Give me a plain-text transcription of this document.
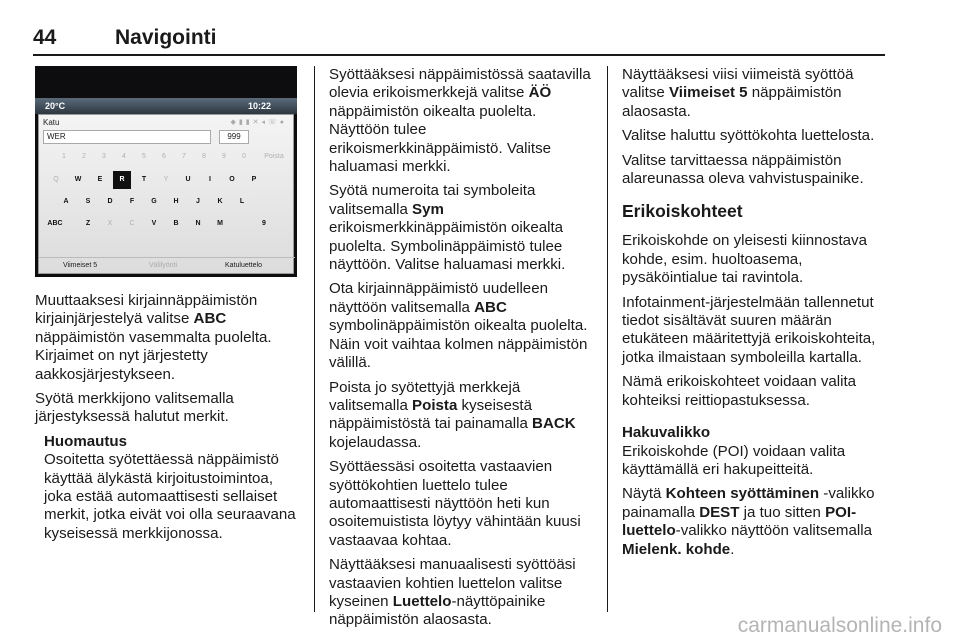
44	Navigointi
20°C	10:22
Katu	◆▮▮✕◂☏●
WER	999
1	2	3	4	5	6	7	8	9	0	Poista
Q	W	E	R	T	Y	U	I	O	P
A	S	D	F	G	H	J	K	L
ABC	Z	X	C	V	B	N	M	9
Viimeiset 5	Välilyönti	Katuluettelo

Muuttaaksesi kirjainnäppäimistön kirjainjärjestelyä valitse ABC näppäimistön vasemmalta puolelta. Kirjaimet on nyt järjestetty aakkosjärjestykseen.

Syötä merkkijono valitsemalla järjestyksessä halutut merkit.

Huomautus
Osoitetta syötettäessä näppäimistö käyttää älykästä kirjoitustoimintoa, joka estää automaattisesti sellaiset merkit, jotka eivät voi olla seuraavana kyseisessä merkkijonossa.

Syöttääksesi näppäimistössä saatavilla olevia erikoismerkkejä valitse ÄÖ näppäimistön oikealta puolelta. Näyttöön tulee erikoismerkkinäppäimistö. Valitse haluamasi merkki.

Syötä numeroita tai symboleita valitsemalla Sym erikoismerkkinäppäimistön oikealta puolelta. Symbolinäppäimistö tulee näyttöön. Valitse haluamasi merkki.

Ota kirjainnäppäimistö uudelleen näyttöön valitsemalla ABC symbolinäppäimistön oikealta puolelta. Näin voit vaihtaa kolmen näppäimistön välillä.

Poista jo syötettyjä merkkejä valitsemalla Poista kyseisestä näppäimistöstä tai painamalla BACK kojelaudassa.

Syöttäessäsi osoitetta vastaavien syöttökohtien luettelo tulee automaattisesti näyttöön heti kun osoitemuistista löytyy vähintään kuusi vastaavaa kohtaa.

Näyttääksesi manuaalisesti syöttöäsi vastaavien kohtien luettelon valitse kyseinen Luettelo-näyttöpainike näppäimistön alaosasta.

Näyttääksesi viisi viimeistä syöttöä valitse Viimeiset 5 näppäimistön alaosasta.

Valitse haluttu syöttökohta luettelosta.

Valitse tarvittaessa näppäimistön alareunassa oleva vahvistuspainike.

Erikoiskohteet

Erikoiskohde on yleisesti kiinnostava kohde, esim. huoltoasema, pysäköintialue tai ravintola.

Infotainment-järjestelmään tallennetut tiedot sisältävät suuren määrän etukäteen määritettyjä erikoiskohteita, jotka ilmaistaan symboleilla kartalla.

Nämä erikoiskohteet voidaan valita kohteiksi reittiopastuksessa.

Hakuvalikko

Erikoiskohde (POI) voidaan valita käyttämällä eri hakupeitteitä.

Näytä Kohteen syöttäminen -valikko painamalla DEST ja tuo sitten POI-luettelo-valikko näyttöön valitsemalla Mielenk. kohde.

carmanualsonline.info
